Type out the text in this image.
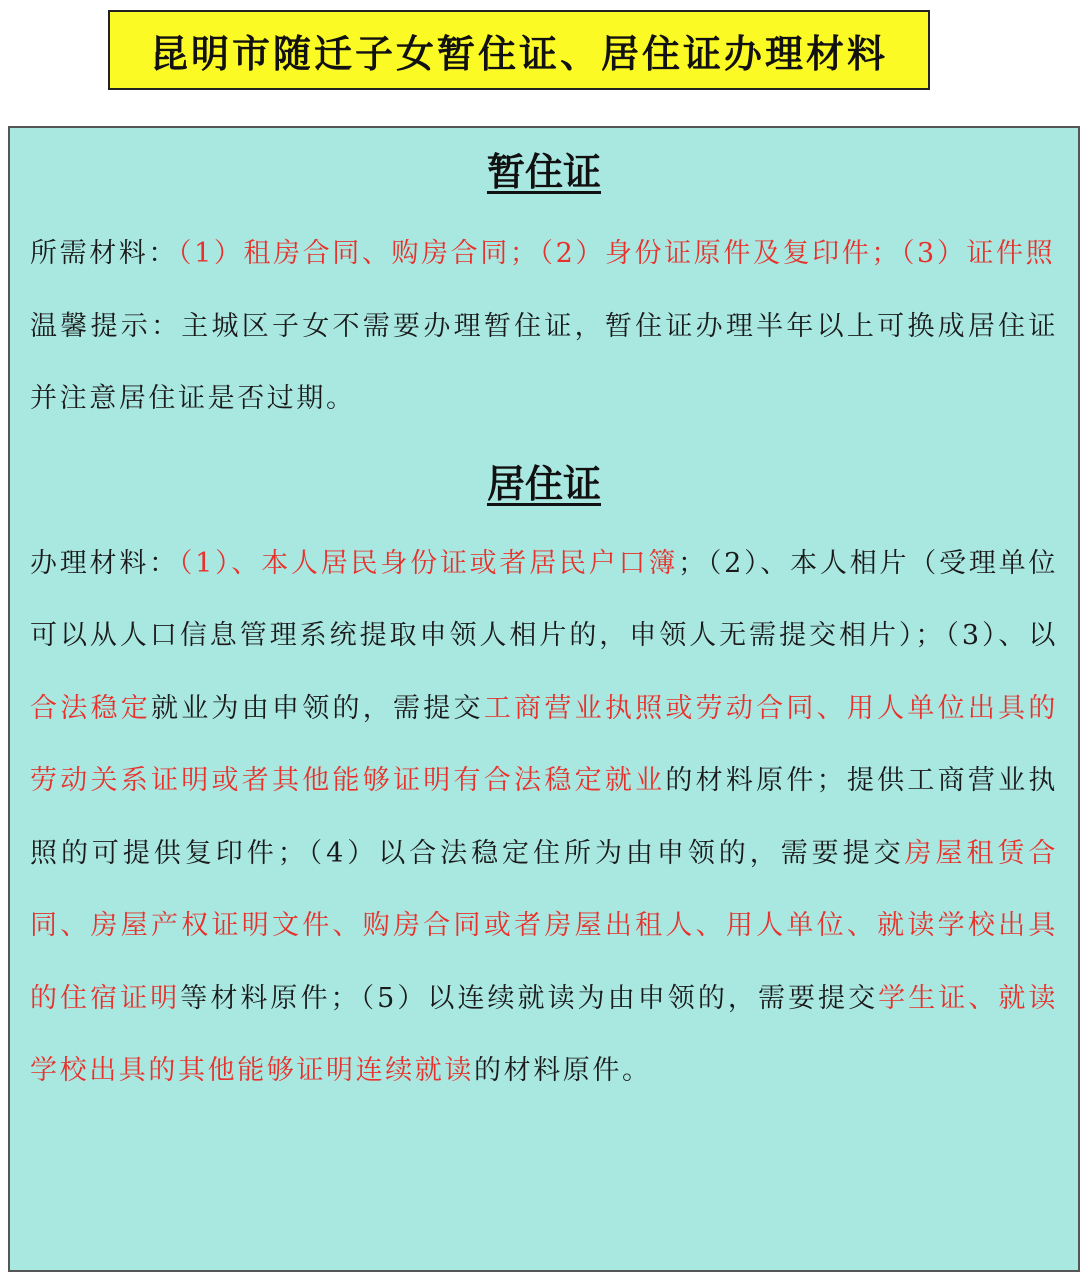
昆明市随迁子女暂住证、居住证办理材料
暂住证

所需材料：（1）租房合同、购房合同；（2）身份证原件及复印件；（3）证件照

温馨提示：主城区子女不需要办理暂住证，暂住证办理半年以上可换成居住证并注意居住证是否过期。

居住证

办理材料：（1）、本人居民身份证或者居民户口簿；（2）、本人相片（受理单位可以从人口信息管理系统提取申领人相片的，申领人无需提交相片）；（3）、以合法稳定就业为由申领的，需提交工商营业执照或劳动合同、用人单位出具的劳动关系证明或者其他能够证明有合法稳定就业的材料原件；提供工商营业执照的可提供复印件；（4）以合法稳定住所为由申领的，需要提交房屋租赁合同、房屋产权证明文件、购房合同或者房屋出租人、用人单位、就读学校出具的住宿证明等材料原件；（5）以连续就读为由申领的，需要提交学生证、就读学校出具的其他能够证明连续就读的材料原件。
